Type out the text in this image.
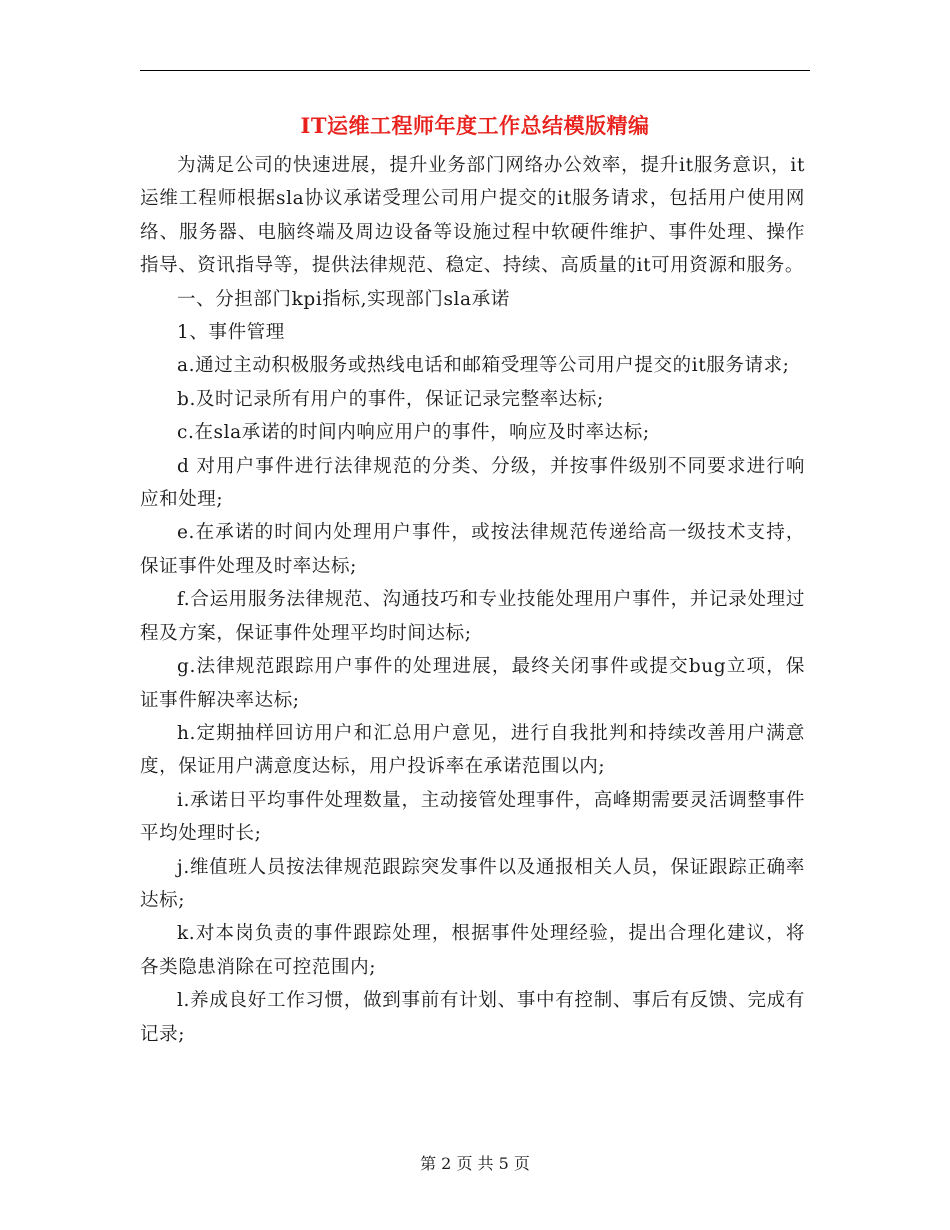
IT运维工程师年度工作总结模版精编

为满足公司的快速进展，提升业务部门网络办公效率，提升it服务意识，it运维工程师根据sla协议承诺受理公司用户提交的it服务请求，包括用户使用网络、服务器、电脑终端及周边设备等设施过程中软硬件维护、事件处理、操作指导、资讯指导等，提供法律规范、稳定、持续、高质量的it可用资源和服务。

一、分担部门kpi指标,实现部门sla承诺

1、事件管理

a.通过主动积极服务或热线电话和邮箱受理等公司用户提交的it服务请求;

b.及时记录所有用户的事件，保证记录完整率达标;

c.在sla承诺的时间内响应用户的事件，响应及时率达标;

d 对用户事件进行法律规范的分类、分级，并按事件级别不同要求进行响应和处理;

e.在承诺的时间内处理用户事件，或按法律规范传递给高一级技术支持，保证事件处理及时率达标;

f.合运用服务法律规范、沟通技巧和专业技能处理用户事件，并记录处理过程及方案，保证事件处理平均时间达标;

g.法律规范跟踪用户事件的处理进展，最终关闭事件或提交bug立项，保证事件解决率达标;

h.定期抽样回访用户和汇总用户意见，进行自我批判和持续改善用户满意度，保证用户满意度达标，用户投诉率在承诺范围以内;

i.承诺日平均事件处理数量，主动接管处理事件，高峰期需要灵活调整事件平均处理时长;

j.维值班人员按法律规范跟踪突发事件以及通报相关人员，保证跟踪正确率达标;

k.对本岗负责的事件跟踪处理，根据事件处理经验，提出合理化建议，将各类隐患消除在可控范围内;

l.养成良好工作习惯，做到事前有计划、事中有控制、事后有反馈、完成有记录;

第 2 页 共 5 页
